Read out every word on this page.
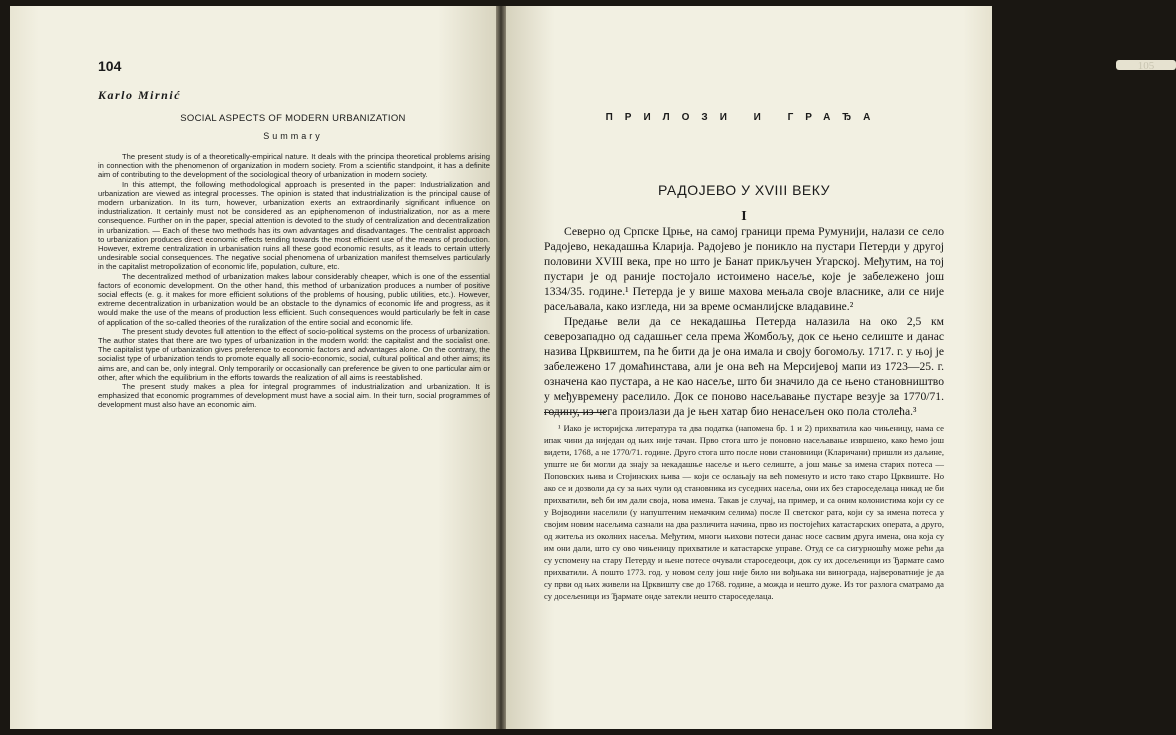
104
Karlo Mirnić
SOCIAL ASPECTS OF MODERN URBANIZATION
Summary

The present study is of a theoretically-empirical nature. It deals with the principa theoretical problems arising in connection with the phenomenon of organization in modern society. From a scientific standpoint, it has a definite aim of contributing to the development of the sociological theory of urbanization in modern society.

In this attempt, the following methodological approach is presented in the paper: Industrialization and urbanization are viewed as integral processes. The opinion is stated that industrialization is the principal cause of modern urbanization. In its turn, however, urbanization exerts an extraordinarily significant influence on industrialization. It certainly must not be considered as an epiphenomenon of industrialization, nor as a mere consequence. Further on in the paper, special attention is devoted to the study of centralization and decentralization in urbanization. — Each of these two methods has its own advantages and disadvantages. The centralist approach to urbanization produces direct economic effects tending towards the most efficient use of the means of production. However, extreme centralization in urbanisation ruins all these good economic results, as it leads to certain utterly undesirable social consequences. The negative social phenomena of urbanization manifest themselves particularly in the capitalist metropolization of economic life, population, culture, etc.

The decentralized method of urbanization makes labour considerably cheaper, which is one of the essential factors of economic development. On the other hand, this method of urbanization produces a number of positive social effects (e. g. it makes for more efficient solutions of the problems of housing, public utilities, etc.). However, extreme decentralization in urbanization would be an obstacle to the dynamics of economic life and progress, as it would make the use of the means of production less efficient. Such consequences would particularly be felt in case of application of the so-called theories of the ruralization of the entire social and economic life.

The present study devotes full attention to the effect of socio-political systems on the process of urbanization. The author states that there are two types of urbanization in the modern world: the capitalist and the socialist one. The capitalist type of urbanization gives preference to economic factors and advantages alone. On the contrary, the socialist type of urbanization tends to promote equally all socio-economic, social, cultural political and other aims; its aims are, and can be, only integral. Only temporarily or occasionally can preference be given to one particular aim or other, after which the equilibrium in the efforts towards the realization of all aims is reestablished.

The present study makes a plea for integral programmes of industrialization and urbanization. It is emphasized that economic programmes of development must have a social aim. In their turn, social programmes of development must also have an economic aim.

105
ПРИЛОЗИ И ГРАЂА
РАДОЈЕВО У XVIII ВЕКУ
I

Северно од Српске Црње, на самој граници према Румунији, налази се село Радојево, некадашња Кларија. Радојево је поникло на пустари Петерди у другој половини XVIII века, пре но што је Банат прикључен Угарској. Међутим, на тој пустари је од раније постојало истоимено насеље, које је забележено још 1334/35. године.¹ Петерда је у више махова мењала своје власнике, али се није расељавала, како изгледа, ни за време османлијске владавине.²

Предање вели да се некадашња Петерда налазила на око 2,5 км северозападно од садашњег села према Жомбољу, док се њено селиште и данас назива Црквиштем, па ће бити да је она имала и своју богомољу. 1717. г. у њој је забележено 17 домаћинстава, али је она већ на Мерсијевој мапи из 1723—25. г. означена као пустара, а не као насеље, што би значило да се њено становништво у међувремену раселило. Док се поново насељавање пустаре везује за 1770/71. годину, из чега произлази да је њен хатар био ненасељен око пола столећа.³

¹ Иако је историјска литература та два податка (напомена бр. 1 и 2) прихватила као чињеницу, нама се ипак чини да ниједан од њих није тачан. Прво стога што је поновно насељавање извршено, како ћемо још видети, 1768, а не 1770/71. године. Друго стога што после нови становници (Кларичани) пришли из даљине, упште не би могли да знају за некадашње насеље и њего селиште, а још мање за имена старих потеса — Поповских њива и Стојинских њива — који се ослањају на већ поменуто и исто тако старо Црквиште. Но ако се и дозволи да су за њих чули од становника из суседних насеља, они их без староседелаца никад не би прихватили, већ би им дали своја, нова имена. Такав је случај, на пример, и са оним колонистима који су се у Војводини населили (у напуштеним немачким селима) после II светског рата, који су за имена потеса у својим новим насељима сазнали на два различита начина, прво из постојећих катастарских операта, а друго, од житеља из околних насеља. Међутим, многи њихови потеси данас носе сасвим друга имена, она која су им они дали, што су ово чињеницу прихватиле и катастарске управе. Отуд се са сигурношћу може рећи да су успомену на стару Петерду и њене потесе очували староседеоци, док су их досељеници из Ђармате само прихватили. А пошто 1773. год. у новом селу још није било ни вођњака ни винограда, највероватније је да су први од њих живели на Црквишту све до 1768. године, а можда и нешто дуже. Из тог разлога сматрамо да су досељеници из Ђармате онде затекли нешто староседелаца.
